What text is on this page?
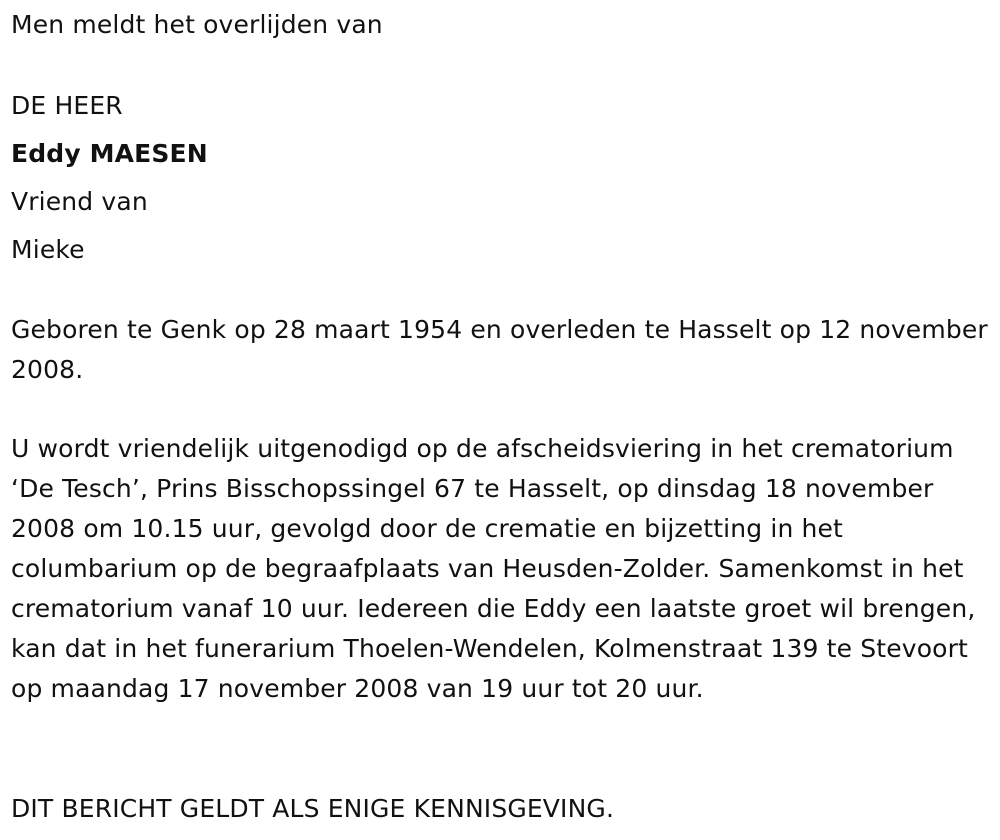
Men meldt het overlijden van
DE HEER
Eddy MAESEN
Vriend van
Mieke
Geboren te Genk op 28 maart 1954 en overleden te Hasselt op 12 november 2008.
U wordt vriendelijk uitgenodigd op de afscheidsviering in het crematorium ‘De Tesch’, Prins Bisschopssingel 67 te Hasselt, op dinsdag 18 november 2008 om 10.15 uur, gevolgd door de crematie en bijzetting in het columbarium op de begraafplaats van Heusden-Zolder. Samenkomst in het crematorium vanaf 10 uur. Iedereen die Eddy een laatste groet wil brengen, kan dat in het funerarium Thoelen-Wendelen, Kolmenstraat 139 te Stevoort op maandag 17 november 2008 van 19 uur tot 20 uur.
DIT BERICHT GELDT ALS ENIGE KENNISGEVING.
